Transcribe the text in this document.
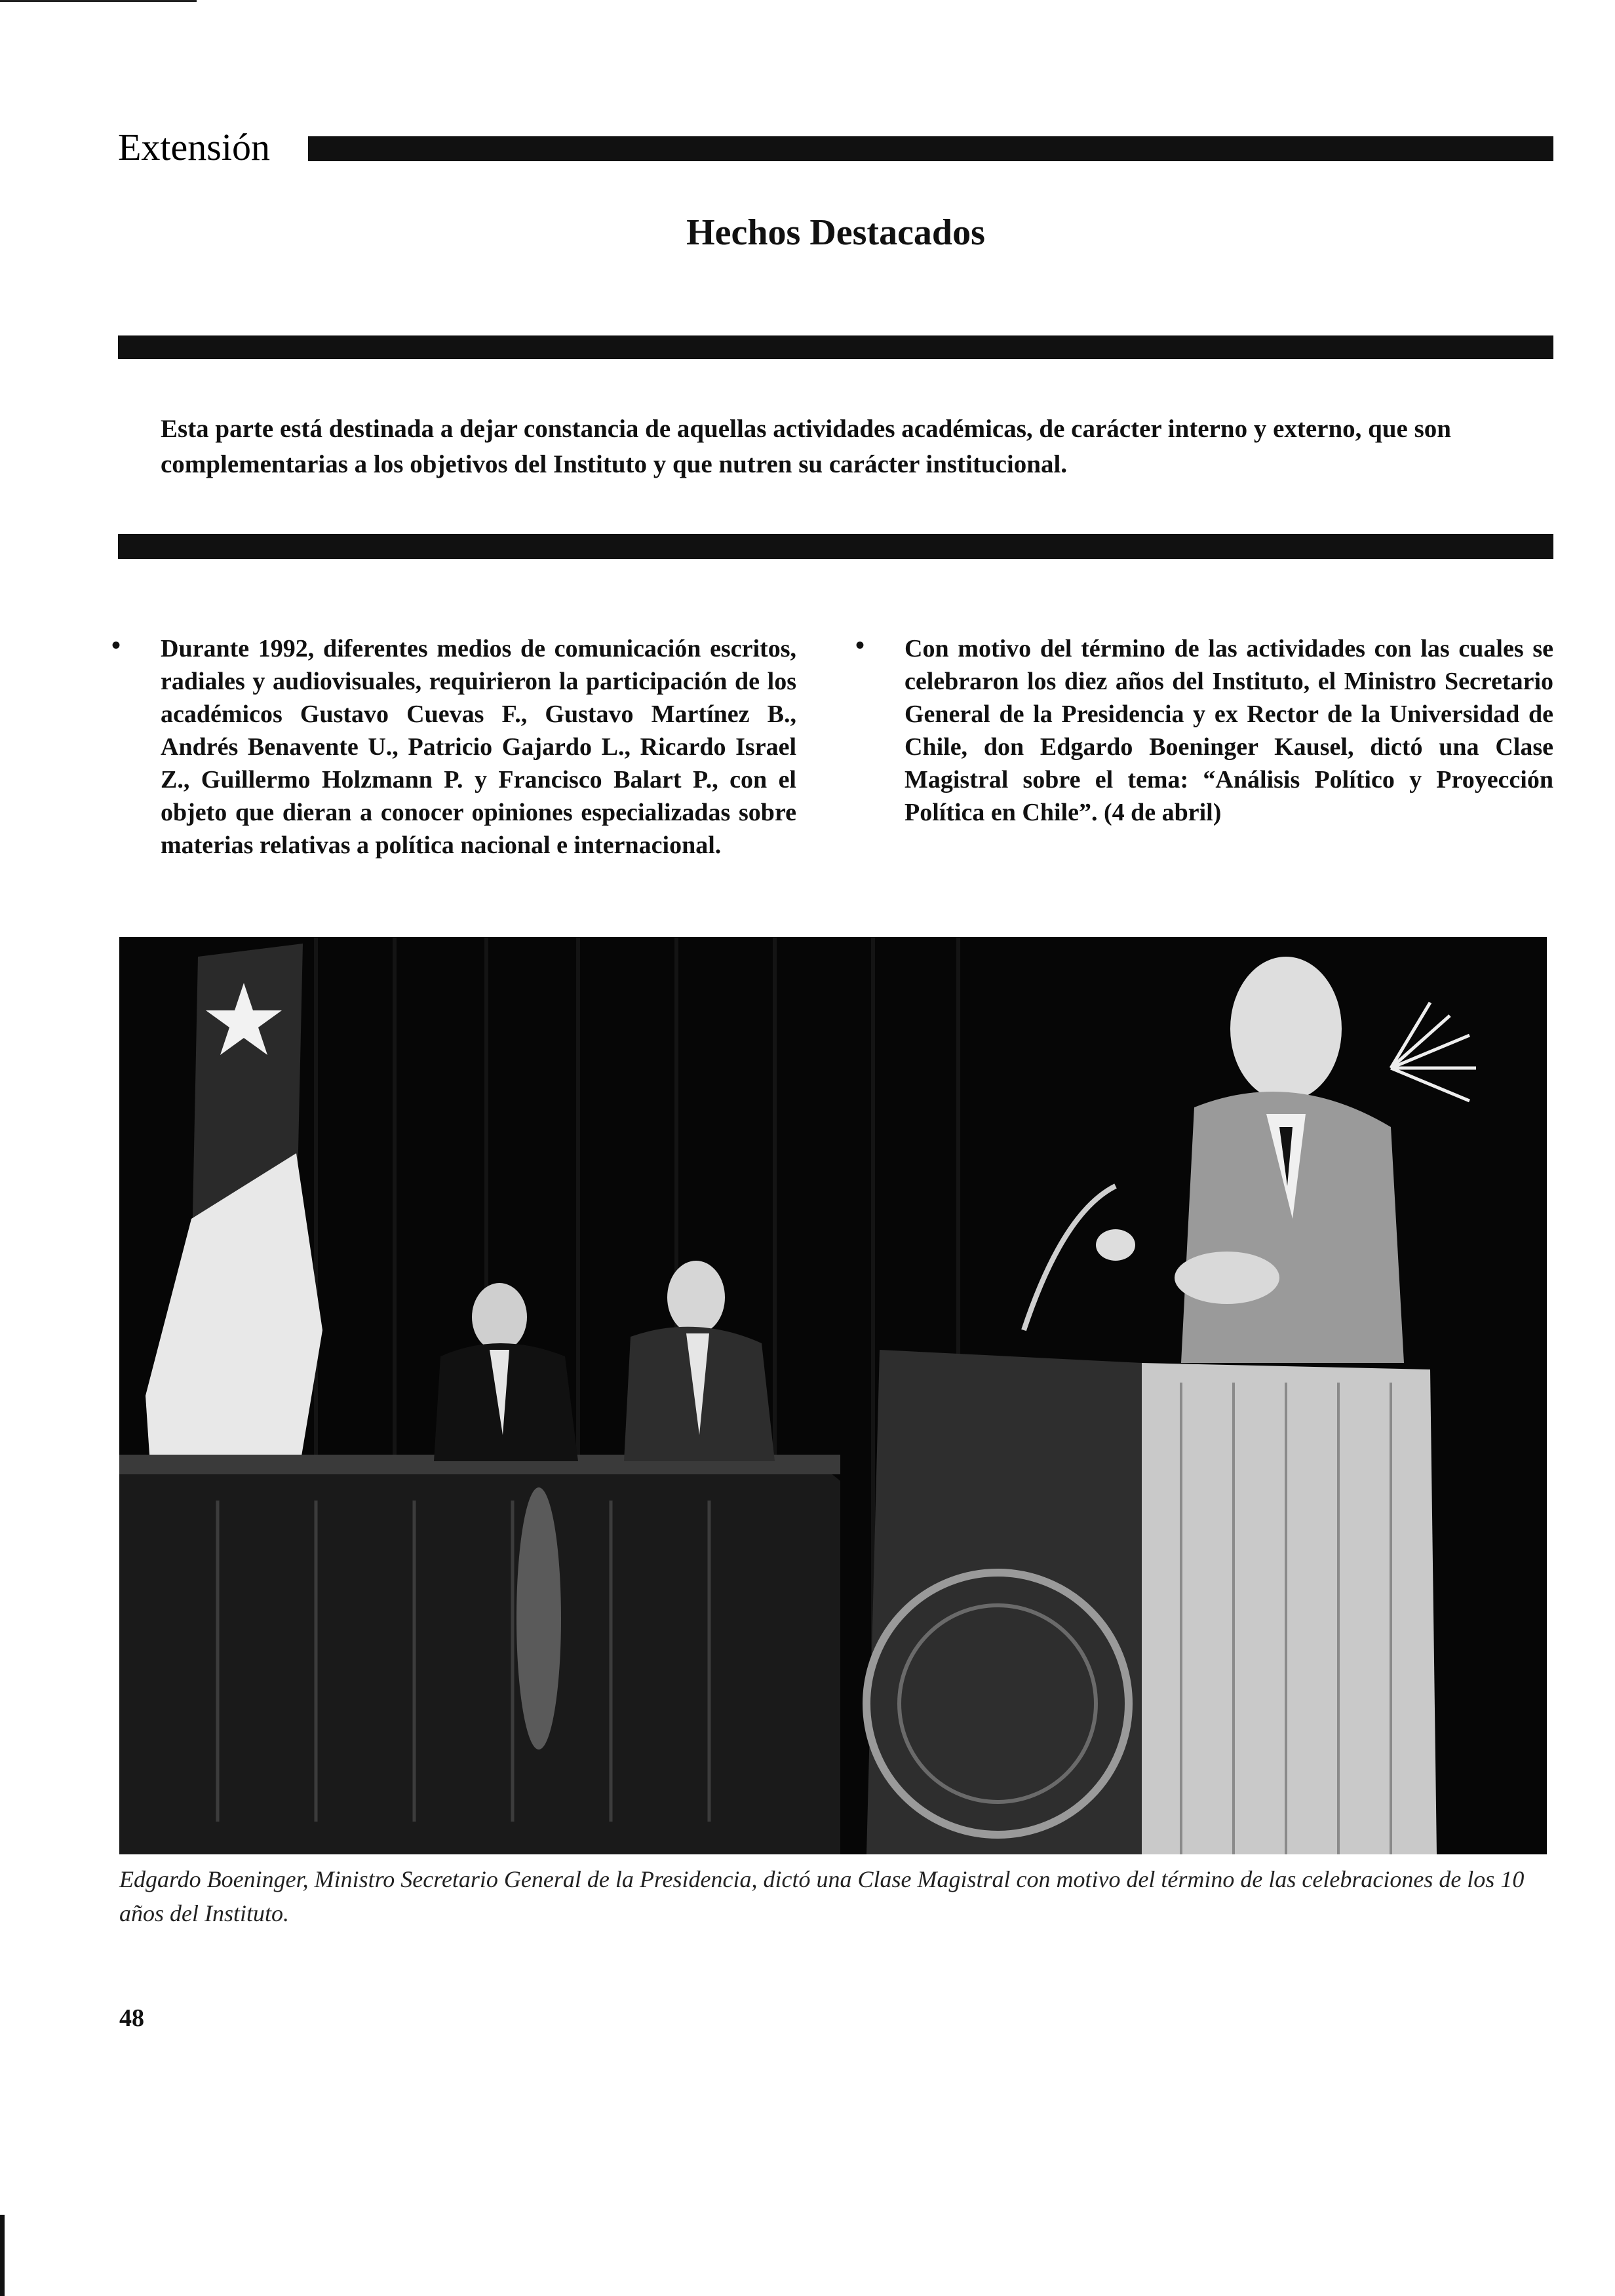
Extensión
Hechos Destacados

Esta parte está destinada a dejar constancia de aquellas actividades académicas, de carácter interno y externo, que son complementarias a los objetivos del Instituto y que nutren su carácter institucional.

• Durante 1992, diferentes medios de comunicación escritos, radiales y audiovisuales, requirieron la participación de los académicos Gustavo Cuevas F., Gustavo Martínez B., Andrés Benavente U., Patricio Gajardo L., Ricardo Israel Z., Guillermo Holzmann P. y Francisco Balart P., con el objeto que dieran a conocer opiniones especializadas sobre materias relativas a política nacional e internacional.

• Con motivo del término de las actividades con las cuales se celebraron los diez años del Instituto, el Ministro Secretario General de la Presidencia y ex Rector de la Universidad de Chile, don Edgardo Boeninger Kausel, dictó una Clase Magistral sobre el tema: “Análisis Político y Proyección Política en Chile”. (4 de abril)

Edgardo Boeninger, Ministro Secretario General de la Presidencia, dictó una Clase Magistral con motivo del término de las celebraciones de los 10 años del Instituto.

48
